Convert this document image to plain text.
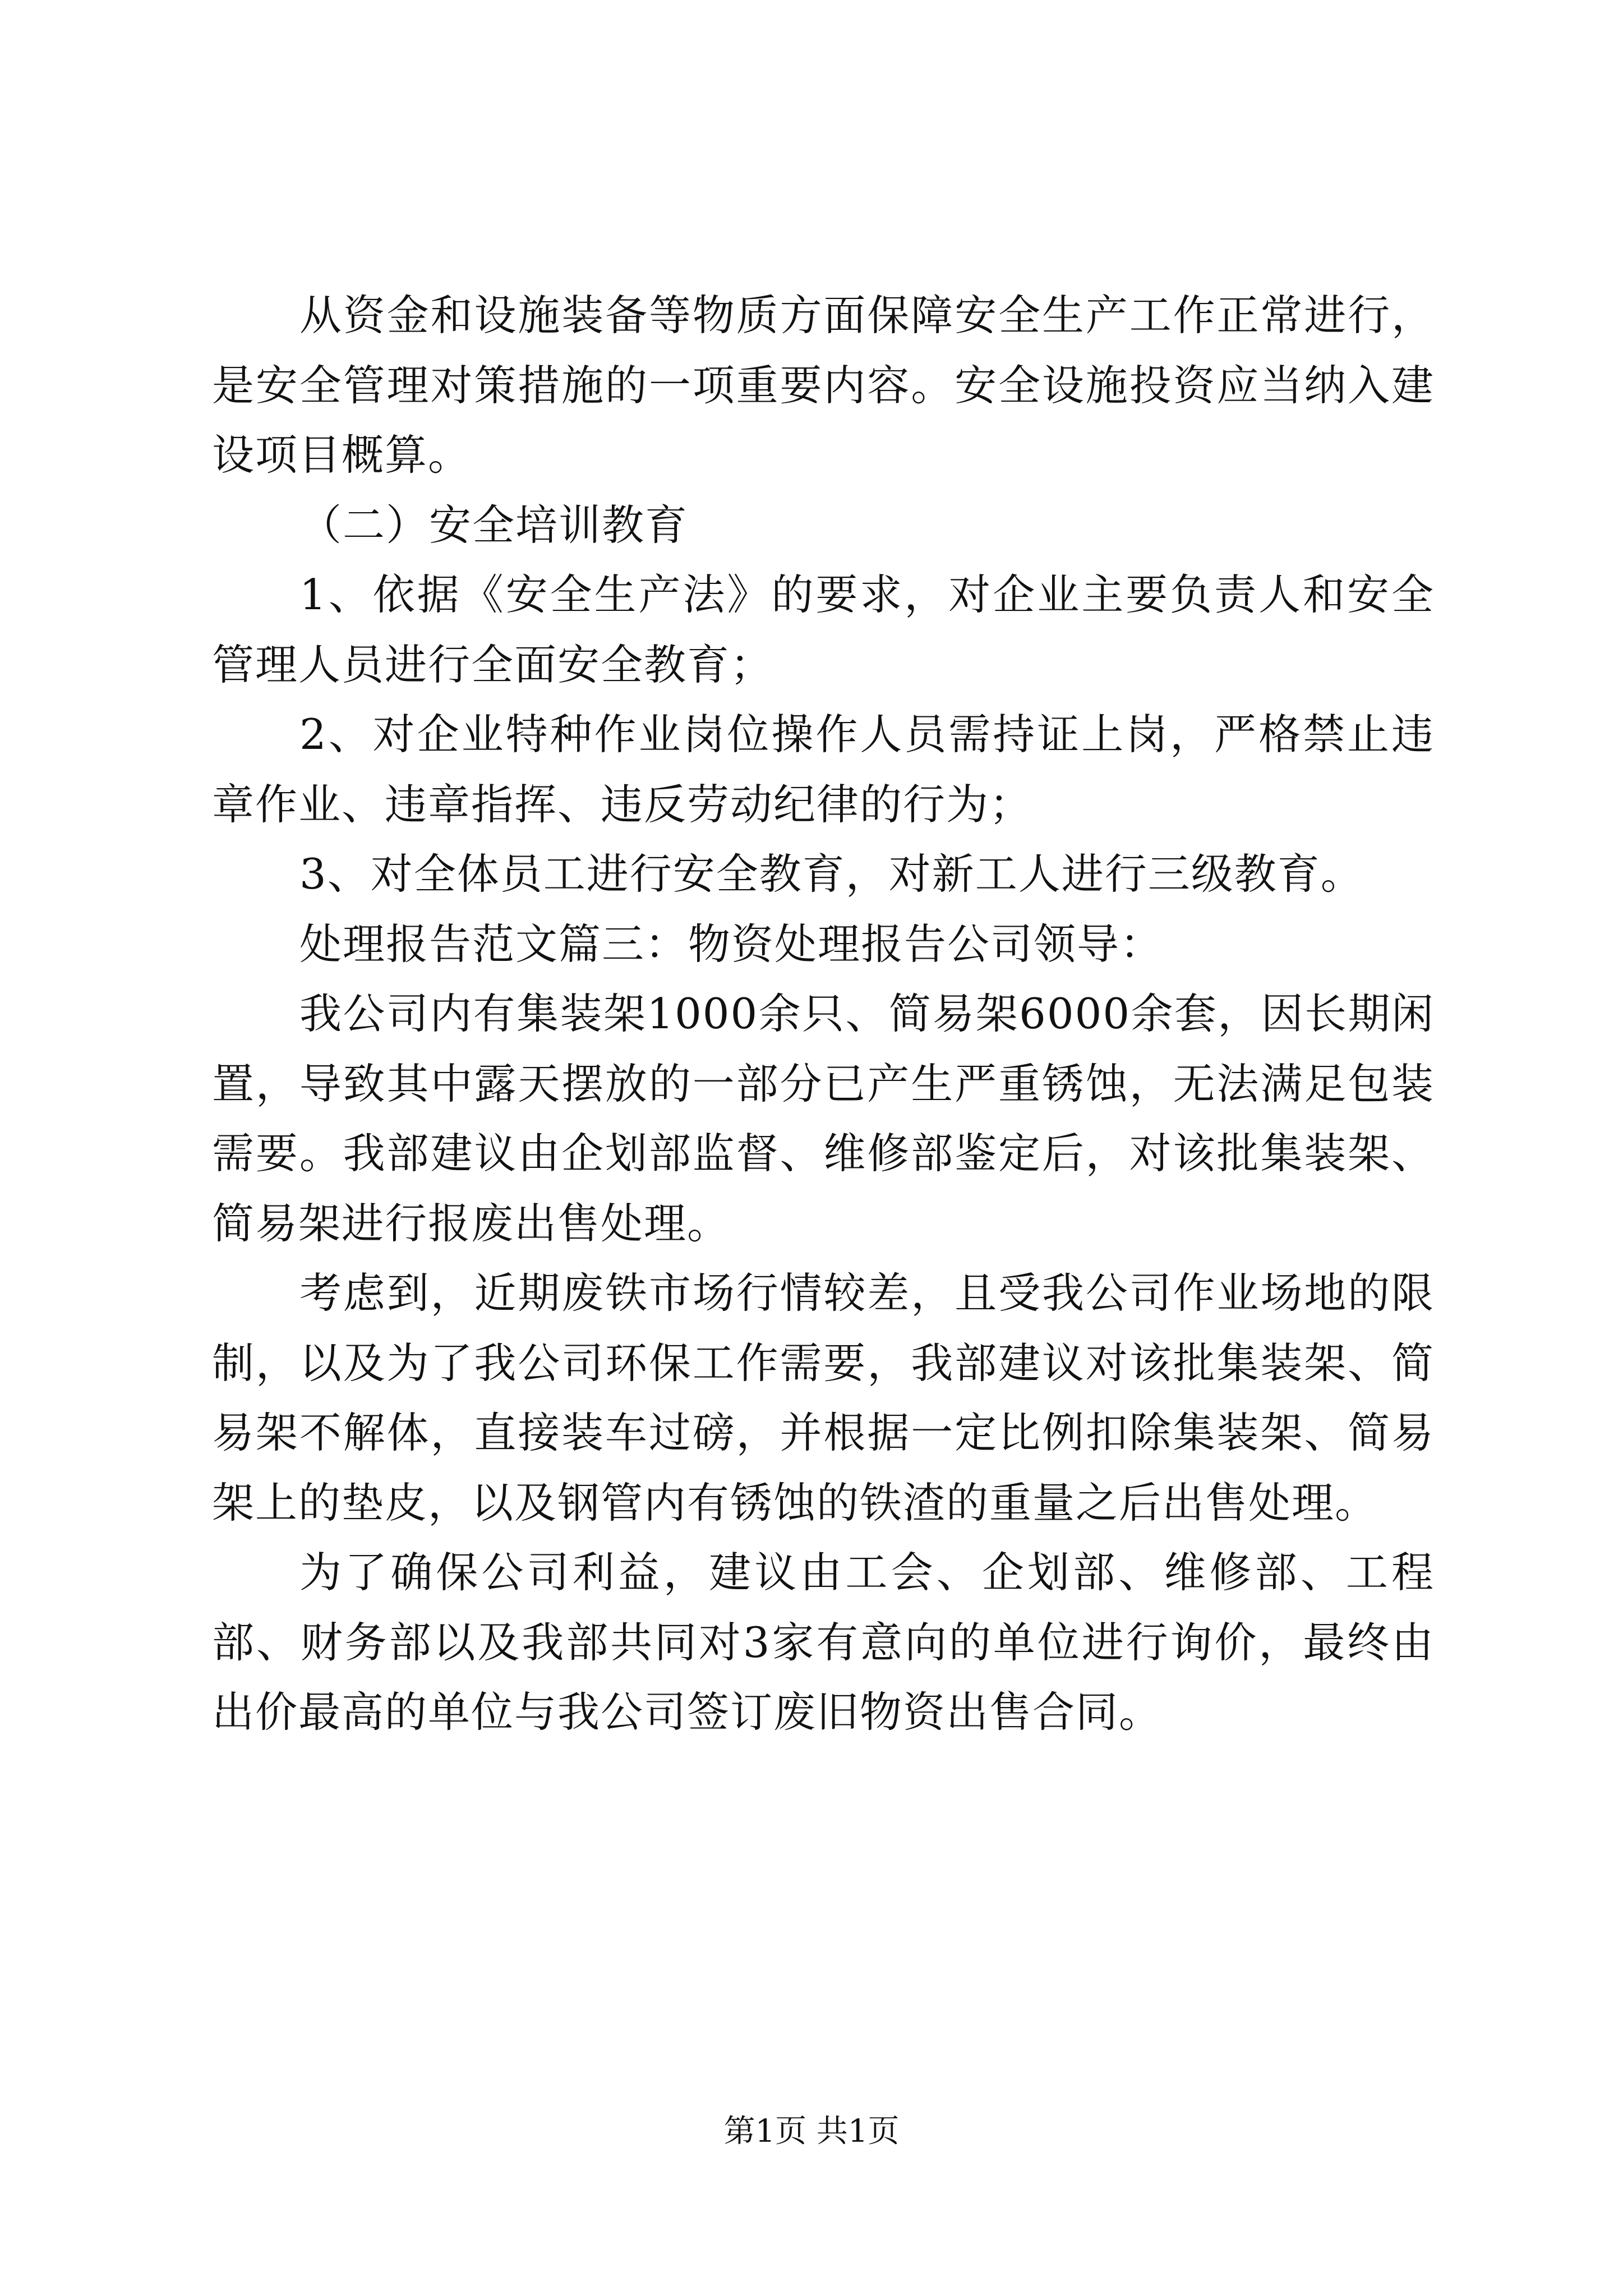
从资金和设施装备等物质方面保障安全生产工作正常进行，是安全管理对策措施的一项重要内容。安全设施投资应当纳入建设项目概算。

（二）安全培训教育

1、依据《安全生产法》的要求，对企业主要负责人和安全管理人员进行全面安全教育；

2、对企业特种作业岗位操作人员需持证上岗，严格禁止违章作业、违章指挥、违反劳动纪律的行为；

3、对全体员工进行安全教育，对新工人进行三级教育。

处理报告范文篇三：物资处理报告公司领导：

我公司内有集装架1000余只、简易架6000余套，因长期闲置，导致其中露天摆放的一部分已产生严重锈蚀，无法满足包装需要。我部建议由企划部监督、维修部鉴定后，对该批集装架、简易架进行报废出售处理。

考虑到，近期废铁市场行情较差，且受我公司作业场地的限制，以及为了我公司环保工作需要，我部建议对该批集装架、简易架不解体，直接装车过磅，并根据一定比例扣除集装架、简易架上的垫皮，以及钢管内有锈蚀的铁渣的重量之后出售处理。

为了确保公司利益，建议由工会、企划部、维修部、工程部、财务部以及我部共同对3家有意向的单位进行询价，最终由出价最高的单位与我公司签订废旧物资出售合同。

第1页 共1页
